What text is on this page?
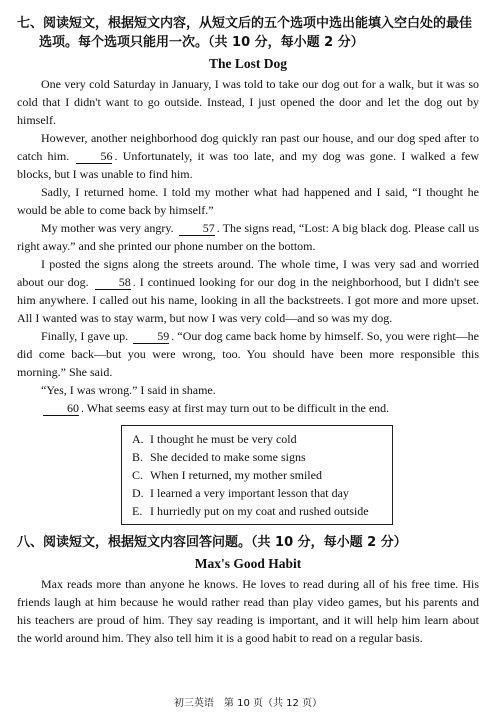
七、阅读短文，根据短文内容，从短文后的五个选项中选出能填入空白处的最佳
选项。每个选项只能用一次。（共 10 分，每小题 2 分）
The Lost Dog

One very cold Saturday in January, I was told to take our dog out for a walk, but it was so cold that I didn't want to go outside. Instead, I just opened the door and let the dog out by himself.

However, another neighborhood dog quickly ran past our house, and our dog sped after to catch him.	56 . Unfortunately, it was too late, and my dog was gone. I walked a few blocks, but I was unable to find him.

Sadly, I returned home. I told my mother what had happened and I said, “I thought he would be able to come back by himself.”

My mother was very angry. 57 . The signs read, “Lost: A big black dog. Please call us right away.” and she printed our phone number on the bottom.

I posted the signs along the streets around. The whole time, I was very sad and worried about our dog.	58 . I continued looking for our dog in the neighborhood, but I didn't see him anywhere. I called out his name, looking in all the backstreets. I got more and more upset. All I wanted was to stay warm, but now I was very cold—and so was my dog.

Finally, I gave up. 59 . “Our dog came back home by himself. So, you were right—he did come back—but you were wrong, too. You should have been more responsible this morning.” She said.

“Yes, I was wrong.” I said in shame.

60 . What seems easy at first may turn out to be difficult in the end.

A. I thought he must be very cold
B. She decided to make some signs
C. When I returned, my mother smiled
D. I learned a very important lesson that day
E. I hurriedly put on my coat and rushed outside
八、阅读短文，根据短文内容回答问题。（共 10 分，每小题 2 分）
Max's Good Habit

Max reads more than anyone he knows. He loves to read during all of his free time. His friends laugh at him because he would rather read than play video games, but his parents and his teachers are proud of him. They say reading is important, and it will help him learn about the world around him. They also tell him it is a good habit to read on a regular basis.

初三英语　第 10 页（共 12 页）
